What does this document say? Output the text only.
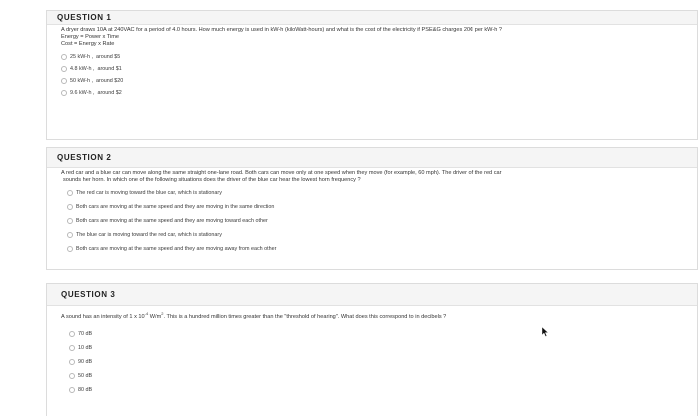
QUESTION 1
A dryer draws 10A at 240VAC for a period of 4.0 hours. How much energy is used in kW-h (kiloWatt-hours) and what is the cost of the electricity if PSE&G charges 20¢ per kW-h ?
Energy = Power x Time
Cost = Energy x Rate
25 kW-h , around $5
4.8 kW-h , around $1
50 kW-h , around $20
9.6 kW-h , around $2
QUESTION 2
A red car and a blue car can move along the same straight one-lane road. Both cars can move only at one speed when they move (for example, 60 mph). The driver of the red car
sounds her horn. In which one of the following situations does the driver of the blue car hear the lowest horn frequency ?
The red car is moving toward the blue car, which is stationary
Both cars are moving at the same speed and they are moving in the same direction
Both cars are moving at the same speed and they are moving toward each other
The blue car is moving toward the red car, which is stationary
Both cars are moving at the same speed and they are moving away from each other
QUESTION 3
A sound has an intensity of 1 x $10^{-4}$ $W/m^2$. This is a hundred million times greater than the "threshold of hearing". What does this correspond to in decibels ?
70 dB
10 dB
90 dB
50 dB
80 dB
